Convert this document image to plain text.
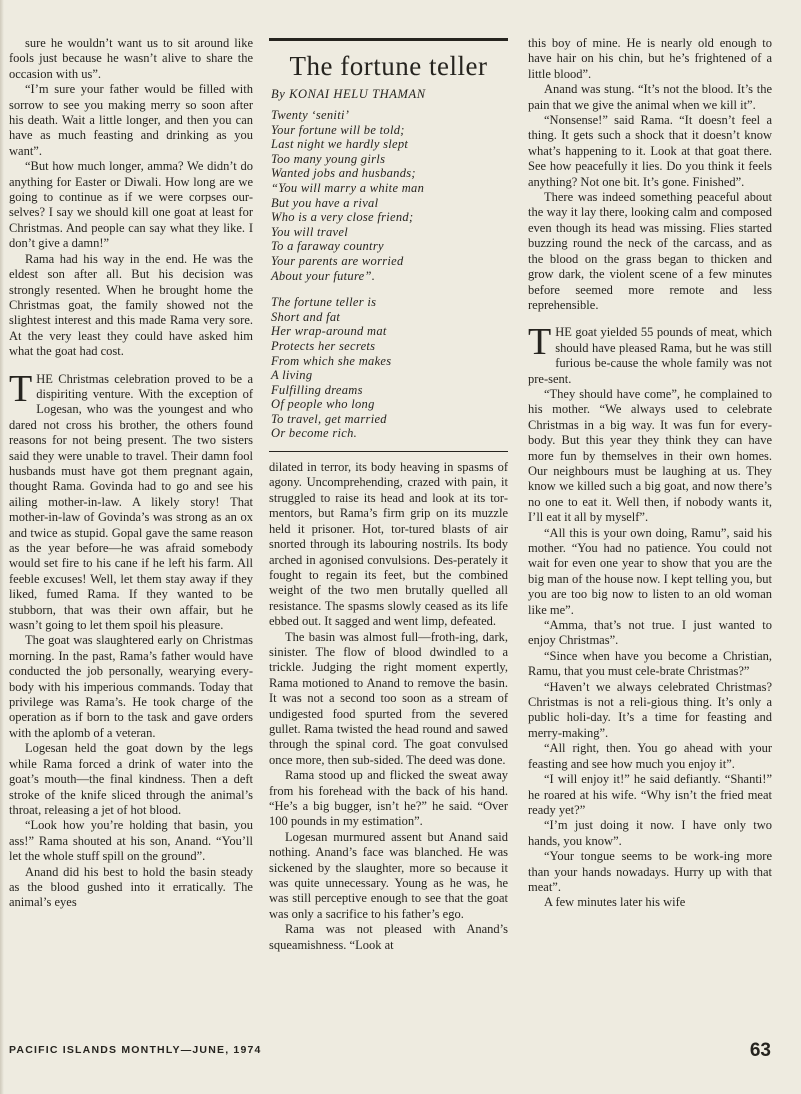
sure he wouldn’t want us to sit around like fools just because he wasn’t alive to share the occasion with us”.

“I’m sure your father would be filled with sorrow to see you making merry so soon after his death. Wait a little longer, and then you can have as much feasting and drinking as you want”.

“But how much longer, amma? We didn’t do anything for Easter or Diwali. How long are we going to continue as if we were corpses our-selves? I say we should kill one goat at least for Christmas. And people can say what they like. I don’t give a damn!”

Rama had his way in the end. He was the eldest son after all. But his decision was strongly resented. When he brought home the Christmas goat, the family showed not the slightest interest and this made Rama very sore. At the very least they could have asked him what the goat had cost.

THE Christmas celebration proved to be a dispiriting venture. With the exception of Logesan, who was the youngest and who dared not cross his brother, the others found reasons for not being present. The two sisters said they were unable to travel. Their damn fool husbands must have got them pregnant again, thought Rama. Govinda had to go and see his ailing mother-in-law. A likely story! That mother-in-law of Govinda’s was strong as an ox and twice as stupid. Gopal gave the same reason as the year before—he was afraid somebody would set fire to his cane if he left his farm. All feeble excuses! Well, let them stay away if they liked, fumed Rama. If they wanted to be stubborn, that was their own affair, but he wasn’t going to let them spoil his pleasure.

The goat was slaughtered early on Christmas morning. In the past, Rama’s father would have conducted the job personally, wearying every-body with his imperious commands. Today that privilege was Rama’s. He took charge of the operation as if born to the task and gave orders with the aplomb of a veteran.

Logesan held the goat down by the legs while Rama forced a drink of water into the goat’s mouth—the final kindness. Then a deft stroke of the knife sliced through the animal’s throat, releasing a jet of hot blood.

“Look how you’re holding that basin, you ass!” Rama shouted at his son, Anand. “You’ll let the whole stuff spill on the ground”.

Anand did his best to hold the basin steady as the blood gushed into it erratically. The animal’s eyes

The fortune teller
By KONAI HELU THAMAN
Twenty ‘seniti’
Your fortune will be told;
Last night we hardly slept
Too many young girls
Wanted jobs and husbands;
“You will marry a white man
But you have a rival
Who is a very close friend;
You will travel
To a faraway country
Your parents are worried
About your future”.
The fortune teller is
Short and fat
Her wrap-around mat
Protects her secrets
From which she makes
A living
Fulfilling dreams
Of people who long
To travel, get married
Or become rich.

dilated in terror, its body heaving in spasms of agony. Uncomprehending, crazed with pain, it struggled to raise its head and look at its tor-mentors, but Rama’s firm grip on its muzzle held it prisoner. Hot, tor-tured blasts of air snorted through its labouring nostrils. Its body arched in agonised convulsions. Des-perately it fought to regain its feet, but the combined weight of the two men brutally quelled all resistance. The spasms slowly ceased as its life ebbed out. It sagged and went limp, defeated.

The basin was almost full—froth-ing, dark, sinister. The flow of blood dwindled to a trickle. Judging the right moment expertly, Rama motioned to Anand to remove the basin. It was not a second too soon as a stream of undigested food spurted from the severed gullet. Rama twisted the head round and sawed through the spinal cord. The goat convulsed once more, then sub-sided. The deed was done.

Rama stood up and flicked the sweat away from his forehead with the back of his hand. “He’s a big bugger, isn’t he?” he said. “Over 100 pounds in my estimation”.

Logesan murmured assent but Anand said nothing. Anand’s face was blanched. He was sickened by the slaughter, more so because it was quite unnecessary. Young as he was, he was still perceptive enough to see that the goat was only a sacrifice to his father’s ego.

Rama was not pleased with Anand’s squeamishness. “Look at

this boy of mine. He is nearly old enough to have hair on his chin, but he’s frightened of a little blood”.

Anand was stung. “It’s not the blood. It’s the pain that we give the animal when we kill it”.

“Nonsense!” said Rama. “It doesn’t feel a thing. It gets such a shock that it doesn’t know what’s happening to it. Look at that goat there. See how peacefully it lies. Do you think it feels anything? Not one bit. It’s gone. Finished”.

There was indeed something peaceful about the way it lay there, looking calm and composed even though its head was missing. Flies started buzzing round the neck of the carcass, and as the blood on the grass began to thicken and grow dark, the violent scene of a few minutes before seemed more remote and less reprehensible.

THE goat yielded 55 pounds of meat, which should have pleased Rama, but he was still furious be-cause the whole family was not pre-sent.

“They should have come”, he complained to his mother. “We always used to celebrate Christmas in a big way. It was fun for every-body. But this year they think they can have more fun by themselves in their own homes. Our neighbours must be laughing at us. They know we killed such a big goat, and now there’s no one to eat it. Well then, if nobody wants it, I’ll eat it all by myself”.

“All this is your own doing, Ramu”, said his mother. “You had no patience. You could not wait for even one year to show that you are the big man of the house now. I kept telling you, but you are too big now to listen to an old woman like me”.

“Amma, that’s not true. I just wanted to enjoy Christmas”.

“Since when have you become a Christian, Ramu, that you must cele-brate Christmas?”

“Haven’t we always celebrated Christmas? Christmas is not a reli-gious thing. It’s only a public holi-day. It’s a time for feasting and merry-making”.

“All right, then. You go ahead with your feasting and see how much you enjoy it”.

“I will enjoy it!” he said defiantly. “Shanti!” he roared at his wife. “Why isn’t the fried meat ready yet?”

“I’m just doing it now. I have only two hands, you know”.

“Your tongue seems to be work-ing more than your hands nowadays. Hurry up with that meat”.

A few minutes later his wife

PACIFIC ISLANDS MONTHLY—JUNE, 1974	63
